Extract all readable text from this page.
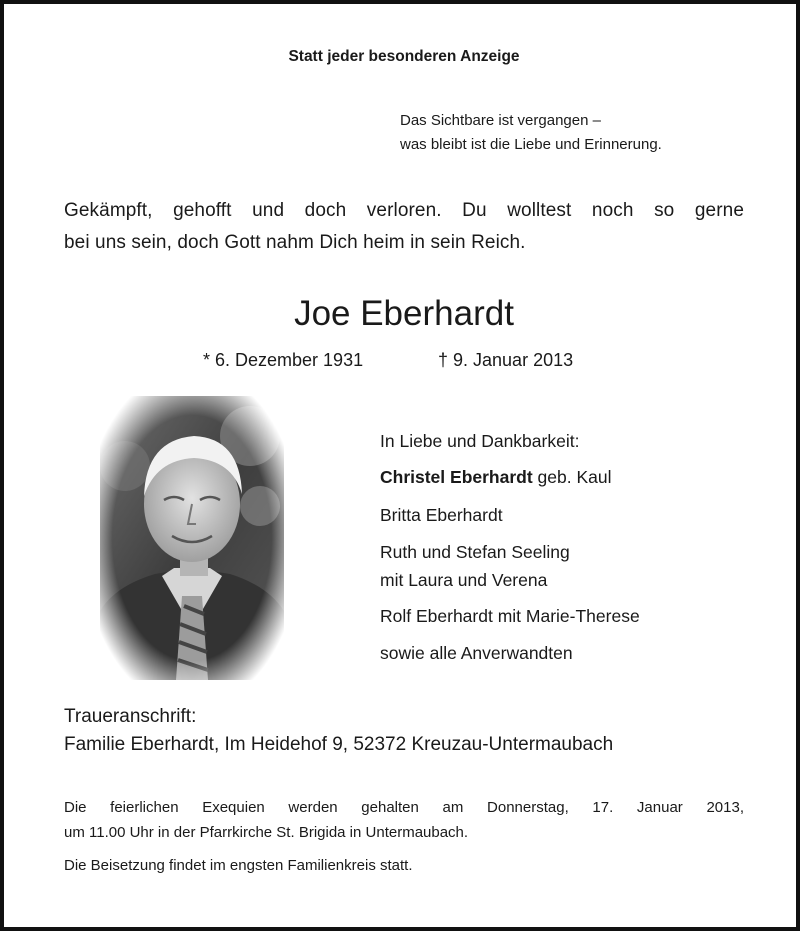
Statt jeder besonderen Anzeige
Das Sichtbare ist vergangen –
was bleibt ist die Liebe und Erinnerung.
Gekämpft, gehofft und doch verloren. Du wolltest noch so gerne
bei uns sein, doch Gott nahm Dich heim in sein Reich.
Joe Eberhardt
* 6. Dezember 1931	† 9. Januar 2013
In Liebe und Dankbarkeit:
Christel Eberhardt geb. Kaul
Britta Eberhardt
Ruth und Stefan Seeling
mit Laura und Verena
Rolf Eberhardt mit Marie-Therese
sowie alle Anverwandten
Traueranschrift:
Familie Eberhardt, Im Heidehof 9, 52372 Kreuzau-Untermaubach
Die feierlichen Exequien werden gehalten am Donnerstag, 17. Januar 2013,
um 11.00 Uhr in der Pfarrkirche St. Brigida in Untermaubach.
Die Beisetzung findet im engsten Familienkreis statt.
